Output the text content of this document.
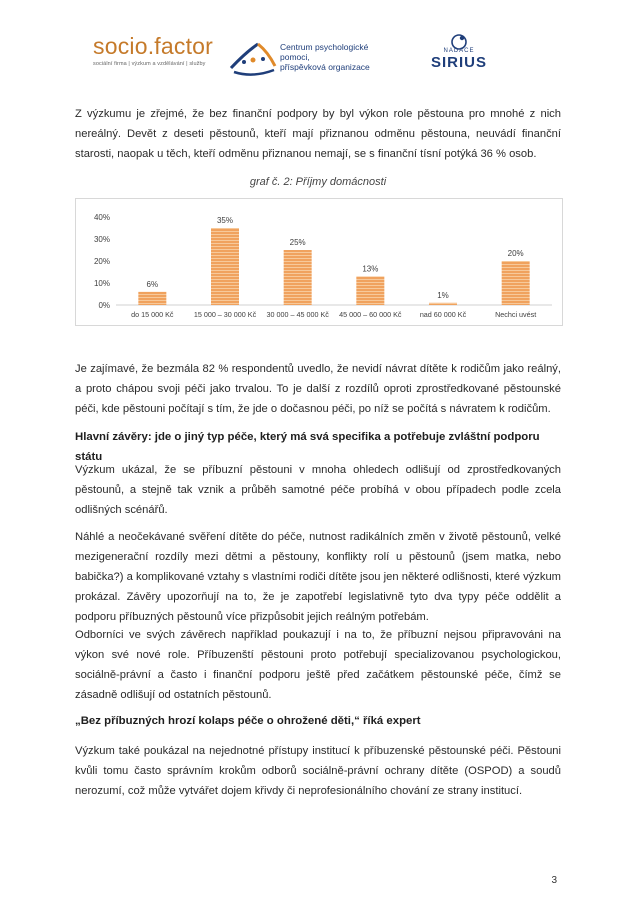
socio.factor
sociální firma | výzkum a vzdělávání | služby
Centrum psychologické pomoci,
příspěvková organizace
NADACE
SIRIUS
Z výzkumu je zřejmé, že bez finanční podpory by byl výkon role pěstouna pro mnohé z nich nereálný. Devět z deseti pěstounů, kteří mají přiznanou odměnu pěstouna, neuvádí finanční starosti, naopak u těch, kteří odměnu přiznanou nemají, se s finanční tísní potýká 36 % osob.
graf č. 2: Příjmy domácnosti
0%
10%
20%
30%
40%
6%
do 15 000 Kč
35%
15 000 – 30 000 Kč
25%
30 000 – 45 000 Kč
13%
45 000 – 60 000 Kč
1%
nad 60 000 Kč
20%
Nechci uvést
Je zajímavé, že bezmála 82 % respondentů uvedlo, že nevidí návrat dítěte k rodičům jako reálný, a proto chápou svoji péči jako trvalou. To je další z rozdílů oproti zprostředkované pěstounské péči, kde pěstouni počítají s tím, že jde o dočasnou péči, po níž se počítá s návratem k rodičům.
Hlavní závěry: jde o jiný typ péče, který má svá specifika a potřebuje zvláštní podporu státu
Výzkum ukázal, že se příbuzní pěstouni v mnoha ohledech odlišují od zprostředkovaných pěstounů, a stejně tak vznik a průběh samotné péče probíhá v obou případech podle zcela odlišných scénářů.
Náhlé a neočekávané svěření dítěte do péče, nutnost radikálních změn v životě pěstounů, velké mezigenerační rozdíly mezi dětmi a pěstouny, konflikty rolí u pěstounů (jsem matka, nebo babička?) a komplikované vztahy s vlastními rodiči dítěte jsou jen některé odlišnosti, které výzkum prokázal. Závěry upozorňují na to, že je zapotřebí legislativně tyto dva typy péče oddělit a podporu příbuzných pěstounů více přizpůsobit jejich reálným potřebám.
Odborníci ve svých závěrech například poukazují i na to, že příbuzní nejsou připravováni na výkon své nové role. Příbuzenští pěstouni proto potřebují specializovanou psychologickou, sociálně-právní a často i finanční podporu ještě před začátkem pěstounské péče, čímž se zásadně odlišují od ostatních pěstounů.
„Bez příbuzných hrozí kolaps péče o ohrožené děti,“ říká expert
Výzkum také poukázal na nejednotné přístupy institucí k příbuzenské pěstounské péči. Pěstouni kvůli tomu často správním krokům odborů sociálně-právní ochrany dítěte (OSPOD) a soudů nerozumí, což může vytvářet dojem křivdy či neprofesionálního chování ze strany institucí.
3
